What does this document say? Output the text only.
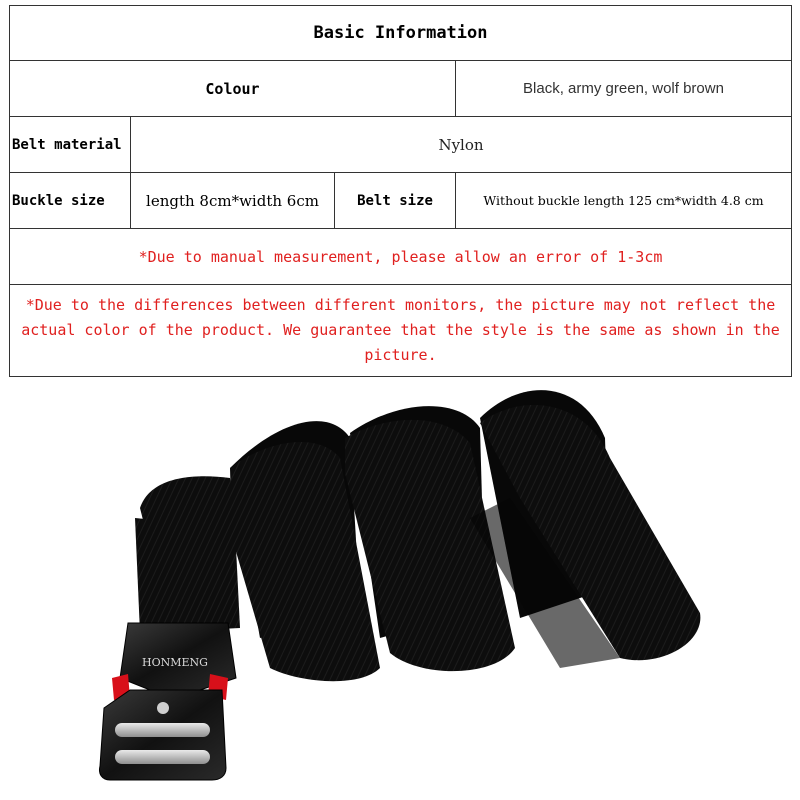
Basic Information			
Colour			Black, army green, wolf brown
Belt material	Nylon		
Buckle size	length 8cm*width 6cm	Belt size	Without buckle length 125 cm*width 4.8 cm
*Due to manual measurement, please allow an error of 1-3cm			
*Due to the differences between different monitors, the picture may not reflect the actual color of the product. We guarantee that the style is the same as shown in the picture.			
HONMENG
